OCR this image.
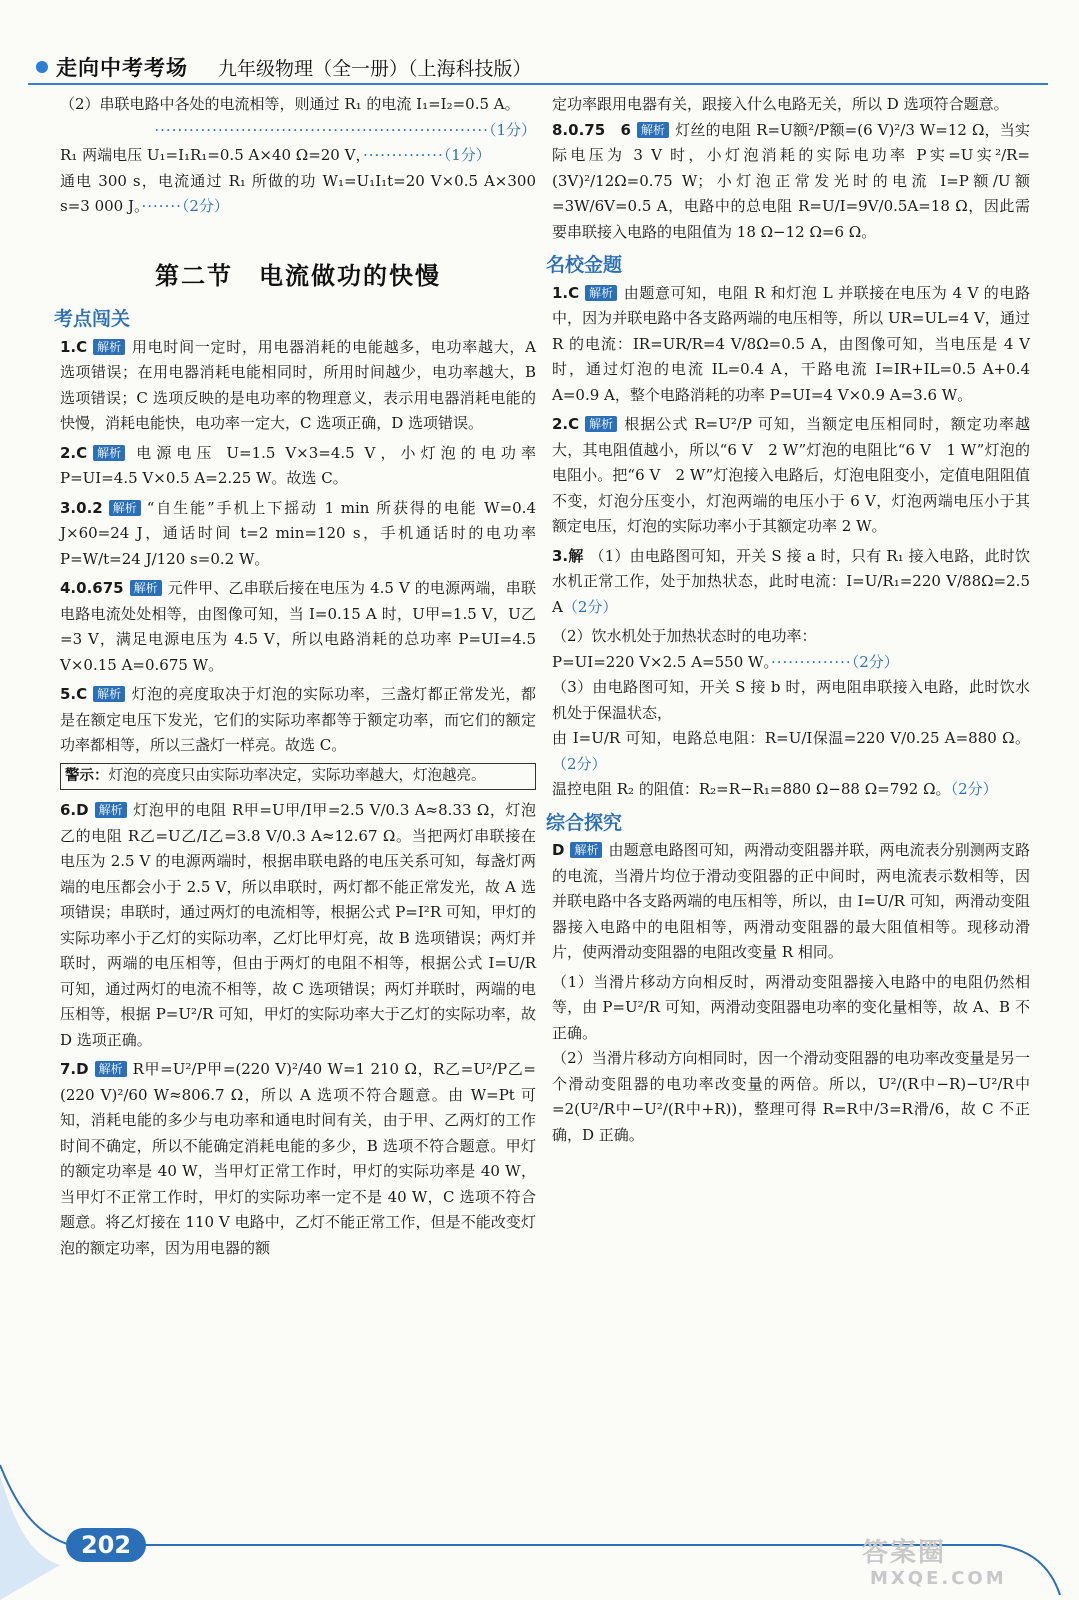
走向中考考场 九年级物理（全一册）（上海科技版）

（2）串联电路中各处的电流相等，则通过 R₁ 的电流 I₁=I₂=0.5 A。

··························································（1分）

R₁ 两端电压 U₁=I₁R₁=0.5 A×40 Ω=20 V，··············（1分）

通电 300 s，电流通过 R₁ 所做的功 W₁=U₁I₁t=20 V×0.5 A×300 s=3 000 J。·······（2分）

第二节　电流做功的快慢
考点闯关

1.C 解析 用电时间一定时，用电器消耗的电能越多，电功率越大，A 选项错误；在用电器消耗电能相同时，所用时间越少，电功率越大，B 选项错误；C 选项反映的是电功率的物理意义，表示用电器消耗电能的快慢，消耗电能快，电功率一定大，C 选项正确，D 选项错误。

2.C 解析 电源电压 U=1.5 V×3=4.5 V，小灯泡的电功率 P=UI=4.5 V×0.5 A=2.25 W。故选 C。

3.0.2 解析 “自生能”手机上下摇动 1 min 所获得的电能 W=0.4 J×60=24 J，通话时间 t=2 min=120 s，手机通话时的电功率 P=W/t=24 J/120 s=0.2 W。

4.0.675 解析 元件甲、乙串联后接在电压为 4.5 V 的电源两端，串联电路电流处处相等，由图像可知，当 I=0.15 A 时，U甲=1.5 V，U乙=3 V，满足电源电压为 4.5 V，所以电路消耗的总功率 P=UI=4.5 V×0.15 A=0.675 W。

5.C 解析 灯泡的亮度取决于灯泡的实际功率，三盏灯都正常发光，都是在额定电压下发光，它们的实际功率都等于额定功率，而它们的额定功率都相等，所以三盏灯一样亮。故选 C。

警示：灯泡的亮度只由实际功率决定，实际功率越大，灯泡越亮。

6.D 解析 灯泡甲的电阻 R甲=U甲/I甲=2.5 V/0.3 A≈8.33 Ω，灯泡乙的电阻 R乙=U乙/I乙=3.8 V/0.3 A≈12.67 Ω。当把两灯串联接在电压为 2.5 V 的电源两端时，根据串联电路的电压关系可知，每盏灯两端的电压都会小于 2.5 V，所以串联时，两灯都不能正常发光，故 A 选项错误；串联时，通过两灯的电流相等，根据公式 P=I²R 可知，甲灯的实际功率小于乙灯的实际功率，乙灯比甲灯亮，故 B 选项错误；两灯并联时，两端的电压相等，但由于两灯的电阻不相等，根据公式 I=U/R 可知，通过两灯的电流不相等，故 C 选项错误；两灯并联时，两端的电压相等，根据 P=U²/R 可知，甲灯的实际功率大于乙灯的实际功率，故 D 选项正确。

7.D 解析 R甲=U²/P甲=(220 V)²/40 W=1 210 Ω，R乙=U²/P乙=(220 V)²/60 W≈806.7 Ω，所以 A 选项不符合题意。由 W=Pt 可知，消耗电能的多少与电功率和通电时间有关，由于甲、乙两灯的工作时间不确定，所以不能确定消耗电能的多少，B 选项不符合题意。甲灯的额定功率是 40 W，当甲灯正常工作时，甲灯的实际功率是 40 W，当甲灯不正常工作时，甲灯的实际功率一定不是 40 W，C 选项不符合题意。将乙灯接在 110 V 电路中，乙灯不能正常工作，但是不能改变灯泡的额定功率，因为用电器的额

定功率跟用电器有关，跟接入什么电路无关，所以 D 选项符合题意。

8.0.75　6 解析 灯丝的电阻 R=U额²/P额=(6 V)²/3 W=12 Ω，当实际电压为 3 V 时，小灯泡消耗的实际电功率 P实=U实²/R=(3V)²/12Ω=0.75 W；小灯泡正常发光时的电流 I=P额/U额=3W/6V=0.5 A，电路中的总电阻 R=U/I=9V/0.5A=18 Ω，因此需要串联接入电路的电阻值为 18 Ω−12 Ω=6 Ω。

名校金题

1.C 解析 由题意可知，电阻 R 和灯泡 L 并联接在电压为 4 V 的电路中，因为并联电路中各支路两端的电压相等，所以 UR=UL=4 V，通过 R 的电流：IR=UR/R=4 V/8Ω=0.5 A，由图像可知，当电压是 4 V 时，通过灯泡的电流 IL=0.4 A，干路电流 I=IR+IL=0.5 A+0.4 A=0.9 A，整个电路消耗的功率 P=UI=4 V×0.9 A=3.6 W。

2.C 解析 根据公式 R=U²/P 可知，当额定电压相同时，额定功率越大，其电阻值越小，所以“6 V　2 W”灯泡的电阻比“6 V　1 W”灯泡的电阻小。把“6 V　2 W”灯泡接入电路后，灯泡电阻变小，定值电阻阻值不变，灯泡分压变小，灯泡两端的电压小于 6 V，灯泡两端电压小于其额定电压，灯泡的实际功率小于其额定功率 2 W。

3.解 （1）由电路图可知，开关 S 接 a 时，只有 R₁ 接入电路，此时饮水机正常工作，处于加热状态，此时电流：I=U/R₁=220 V/88Ω=2.5 A（2分）

（2）饮水机处于加热状态时的电功率：

P=UI=220 V×2.5 A=550 W。··············（2分）

（3）由电路图可知，开关 S 接 b 时，两电阻串联接入电路，此时饮水机处于保温状态，

由 I=U/R 可知，电路总电阻：R=U/I保温=220 V/0.25 A=880 Ω。（2分）

温控电阻 R₂ 的阻值：R₂=R−R₁=880 Ω−88 Ω=792 Ω。（2分）

综合探究

D 解析 由题意电路图可知，两滑动变阻器并联，两电流表分别测两支路的电流，当滑片均位于滑动变阻器的正中间时，两电流表示数相等，因并联电路中各支路两端的电压相等，所以，由 I=U/R 可知，两滑动变阻器接入电路中的电阻相等，两滑动变阻器的最大阻值相等。现移动滑片，使两滑动变阻器的电阻改变量 R 相同。

（1）当滑片移动方向相反时，两滑动变阻器接入电路中的电阻仍然相等，由 P=U²/R 可知，两滑动变阻器电功率的变化量相等，故 A、B 不正确。

（2）当滑片移动方向相同时，因一个滑动变阻器的电功率改变量是另一个滑动变阻器的电功率改变量的两倍。所以，U²/(R中−R)−U²/R中=2(U²/R中−U²/(R中+R))，整理可得 R=R中/3=R滑/6，故 C 不正确，D 正确。

202	答案圈
MXQE.COM
